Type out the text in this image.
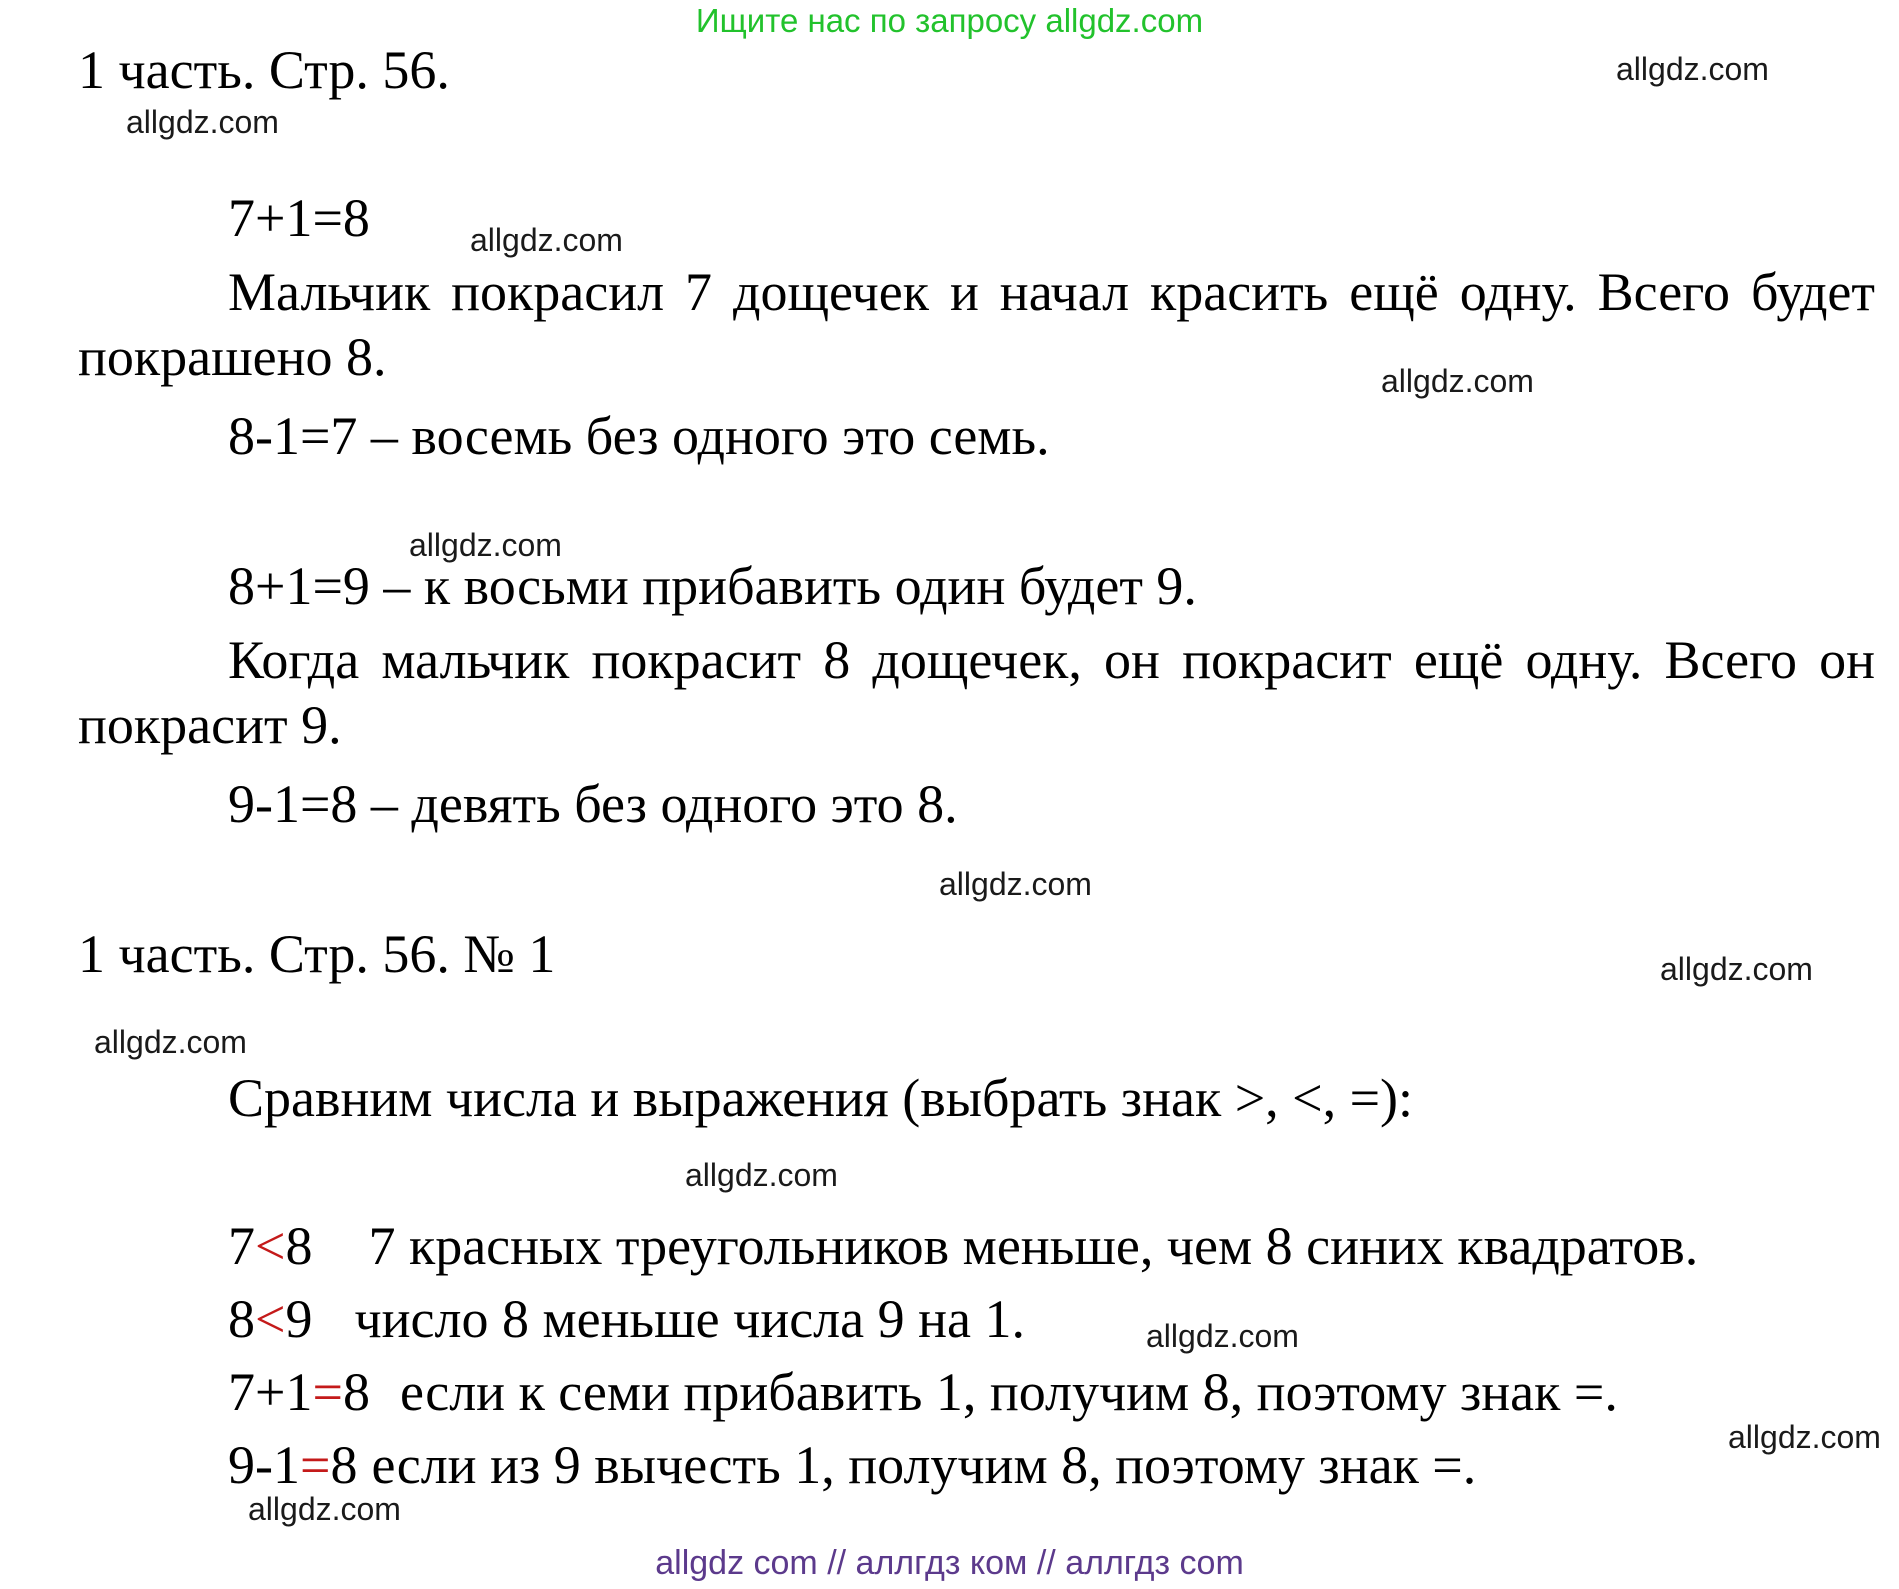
Ищите нас по запросу allgdz.com
1 часть. Стр. 56.
7+1=8
Мальчик покрасил 7 дощечек и начал красить ещё одну. Всего будет покрашено 8.
8-1=7 – восемь без одного это семь.
8+1=9 – к восьми прибавить один будет 9.
Когда мальчик покрасит 8 дощечек, он покрасит ещё одну. Всего он покрасит 9.
9-1=8 – девять без одного это 8.
1 часть. Стр. 56. № 1
Сравним числа и выражения (выбрать знак >, <, =):
7<8 7 красных треугольников меньше, чем 8 синих квадратов.
8<9 число 8 меньше числа 9 на 1.
7+1=8 если к семи прибавить 1, получим 8, поэтому знак =.
9-1=8 если из 9 вычесть 1, получим 8, поэтому знак =.
allgdz.com
allgdz.com
allgdz.com
allgdz.com
allgdz.com
allgdz.com
allgdz.com
allgdz.com
allgdz.com
allgdz.com
allgdz.com
allgdz.com
allgdz com // аллгдз ком // аллгдз com
